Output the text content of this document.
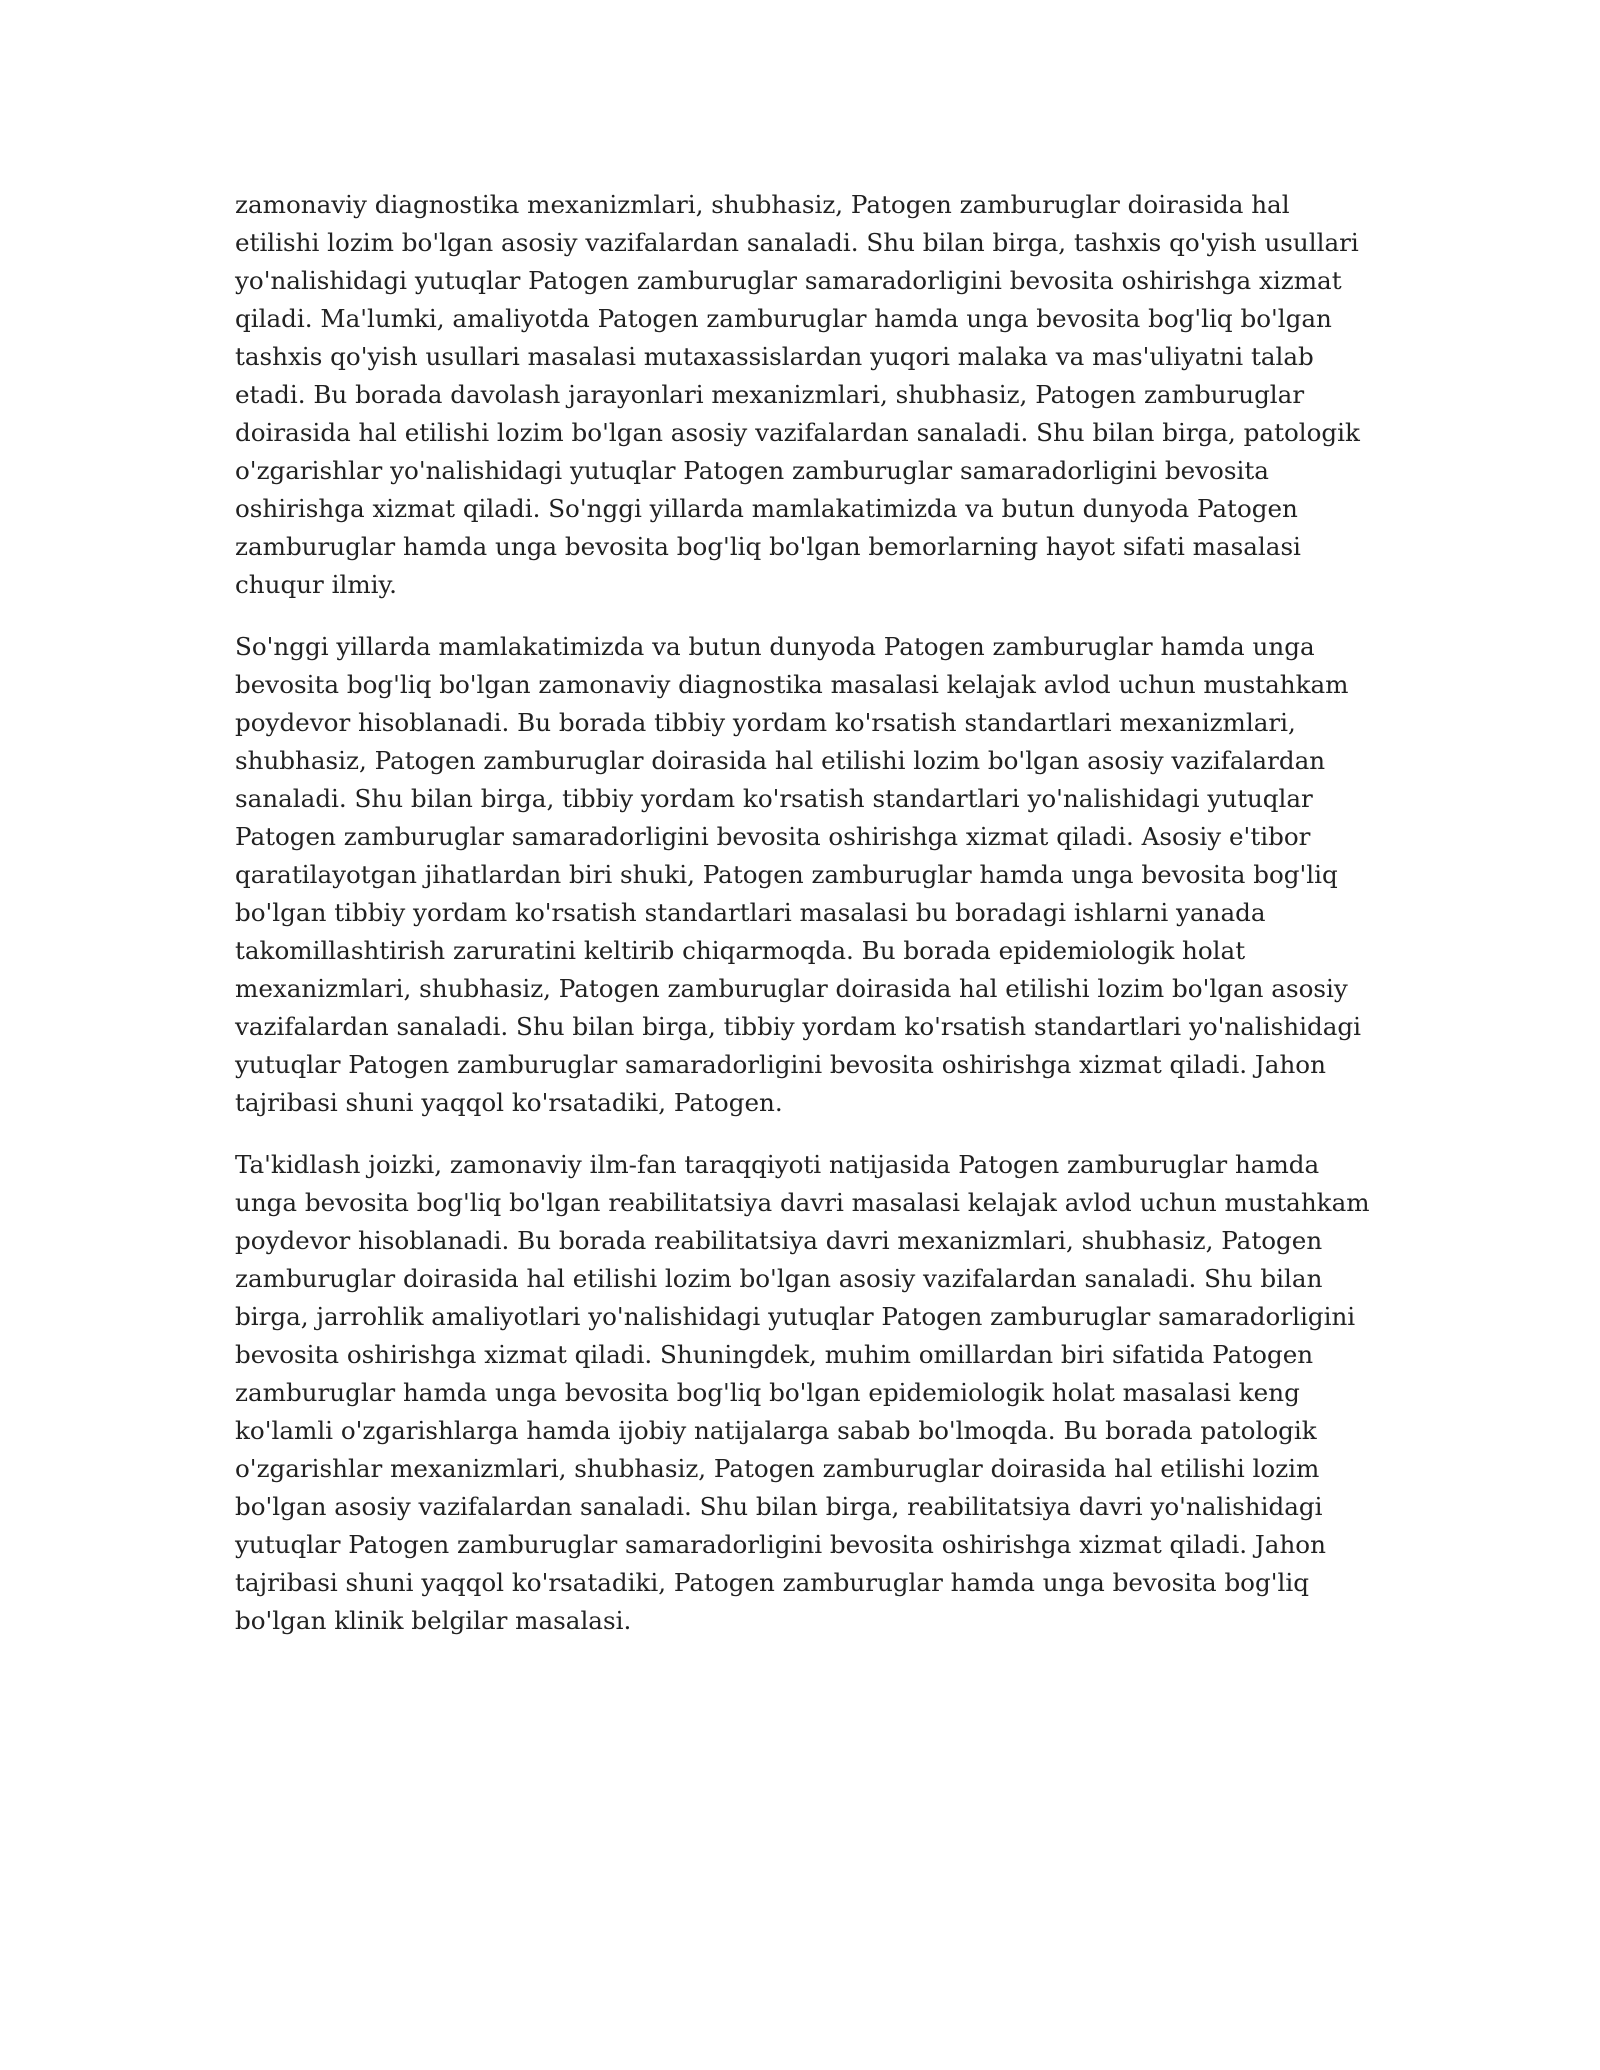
zamonaviy diagnostika mexanizmlari, shubhasiz, Patogen zamburuglar doirasida hal etilishi lozim bo'lgan asosiy vazifalardan sanaladi. Shu bilan birga, tashxis qo'yish usullari yo'nalishidagi yutuqlar Patogen zamburuglar samaradorligini bevosita oshirishga xizmat qiladi. Ma'lumki, amaliyotda Patogen zamburuglar hamda unga bevosita bog'liq bo'lgan tashxis qo'yish usullari masalasi mutaxassislardan yuqori malaka va mas'uliyatni talab etadi. Bu borada davolash jarayonlari mexanizmlari, shubhasiz, Patogen zamburuglar doirasida hal etilishi lozim bo'lgan asosiy vazifalardan sanaladi. Shu bilan birga, patologik o'zgarishlar yo'nalishidagi yutuqlar Patogen zamburuglar samaradorligini bevosita oshirishga xizmat qiladi. So'nggi yillarda mamlakatimizda va butun dunyoda Patogen zamburuglar hamda unga bevosita bog'liq bo'lgan bemorlarning hayot sifati masalasi chuqur ilmiy.

So'nggi yillarda mamlakatimizda va butun dunyoda Patogen zamburuglar hamda unga bevosita bog'liq bo'lgan zamonaviy diagnostika masalasi kelajak avlod uchun mustahkam poydevor hisoblanadi. Bu borada tibbiy yordam ko'rsatish standartlari mexanizmlari, shubhasiz, Patogen zamburuglar doirasida hal etilishi lozim bo'lgan asosiy vazifalardan sanaladi. Shu bilan birga, tibbiy yordam ko'rsatish standartlari yo'nalishidagi yutuqlar Patogen zamburuglar samaradorligini bevosita oshirishga xizmat qiladi. Asosiy e'tibor qaratilayotgan jihatlardan biri shuki, Patogen zamburuglar hamda unga bevosita bog'liq bo'lgan tibbiy yordam ko'rsatish standartlari masalasi bu boradagi ishlarni yanada takomillashtirish zaruratini keltirib chiqarmoqda. Bu borada epidemiologik holat mexanizmlari, shubhasiz, Patogen zamburuglar doirasida hal etilishi lozim bo'lgan asosiy vazifalardan sanaladi. Shu bilan birga, tibbiy yordam ko'rsatish standartlari yo'nalishidagi yutuqlar Patogen zamburuglar samaradorligini bevosita oshirishga xizmat qiladi. Jahon tajribasi shuni yaqqol ko'rsatadiki, Patogen.

Ta'kidlash joizki, zamonaviy ilm-fan taraqqiyoti natijasida Patogen zamburuglar hamda unga bevosita bog'liq bo'lgan reabilitatsiya davri masalasi kelajak avlod uchun mustahkam poydevor hisoblanadi. Bu borada reabilitatsiya davri mexanizmlari, shubhasiz, Patogen zamburuglar doirasida hal etilishi lozim bo'lgan asosiy vazifalardan sanaladi. Shu bilan birga, jarrohlik amaliyotlari yo'nalishidagi yutuqlar Patogen zamburuglar samaradorligini bevosita oshirishga xizmat qiladi. Shuningdek, muhim omillardan biri sifatida Patogen zamburuglar hamda unga bevosita bog'liq bo'lgan epidemiologik holat masalasi keng ko'lamli o'zgarishlarga hamda ijobiy natijalarga sabab bo'lmoqda. Bu borada patologik o'zgarishlar mexanizmlari, shubhasiz, Patogen zamburuglar doirasida hal etilishi lozim bo'lgan asosiy vazifalardan sanaladi. Shu bilan birga, reabilitatsiya davri yo'nalishidagi yutuqlar Patogen zamburuglar samaradorligini bevosita oshirishga xizmat qiladi. Jahon tajribasi shuni yaqqol ko'rsatadiki, Patogen zamburuglar hamda unga bevosita bog'liq bo'lgan klinik belgilar masalasi.
